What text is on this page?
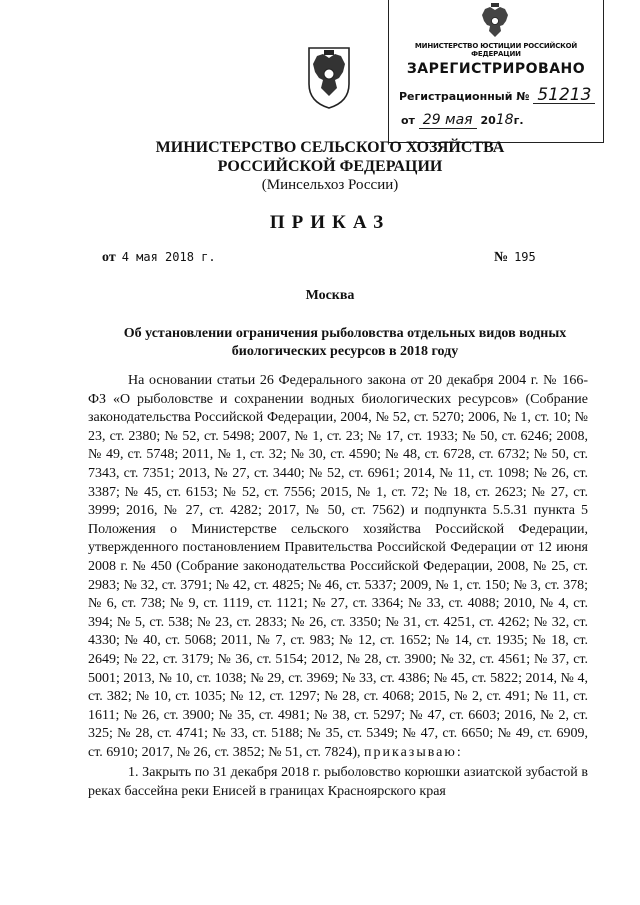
МИНИСТЕРСТВО ЮСТИЦИИ РОССИЙСКОЙ ФЕДЕРАЦИИ
ЗАРЕГИСТРИРОВАНО
Регистрационный № 51213
от 29 мая 2018г.
МИНИСТЕРСТВО СЕЛЬСКОГО ХОЗЯЙСТВА
РОССИЙСКОЙ ФЕДЕРАЦИИ
(Минсельхоз России)
ПРИКАЗ
от 4 мая 2018 г.	№ 195
Москва
Об установлении ограничения рыболовства отдельных видов водных
биологических ресурсов в 2018 году

На основании статьи 26 Федерального закона от 20 декабря 2004 г. № 166-ФЗ «О рыболовстве и сохранении водных биологических ресурсов» (Собрание законодательства Российской Федерации, 2004, № 52, ст. 5270; 2006, № 1, ст. 10; № 23, ст. 2380; № 52, ст. 5498; 2007, № 1, ст. 23; № 17, ст. 1933; № 50, ст. 6246; 2008, № 49, ст. 5748; 2011, № 1, ст. 32; № 30, ст. 4590; № 48, ст. 6728, ст. 6732; № 50, ст. 7343, ст. 7351; 2013, № 27, ст. 3440; № 52, ст. 6961; 2014, № 11, ст. 1098; № 26, ст. 3387; № 45, ст. 6153; № 52, ст. 7556; 2015, № 1, ст. 72; № 18, ст. 2623; № 27, ст. 3999; 2016, № 27, ст. 4282; 2017, № 50, ст. 7562) и подпункта 5.5.31 пункта 5 Положения о Министерстве сельского хозяйства Российской Федерации, утвержденного постановлением Правительства Российской Федерации от 12 июня 2008 г. № 450 (Собрание законодательства Российской Федерации, 2008, № 25, ст. 2983; № 32, ст. 3791; № 42, ст. 4825; № 46, ст. 5337; 2009, № 1, ст. 150; № 3, ст. 378; № 6, ст. 738; № 9, ст. 1119, ст. 1121; № 27, ст. 3364; № 33, ст. 4088; 2010, № 4, ст. 394; № 5, ст. 538; № 23, ст. 2833; № 26, ст. 3350; № 31, ст. 4251, ст. 4262; № 32, ст. 4330; № 40, ст. 5068; 2011, № 7, ст. 983; № 12, ст. 1652; № 14, ст. 1935; № 18, ст. 2649; № 22, ст. 3179; № 36, ст. 5154; 2012, № 28, ст. 3900; № 32, ст. 4561; № 37, ст. 5001; 2013, № 10, ст. 1038; № 29, ст. 3969; № 33, ст. 4386; № 45, ст. 5822; 2014, № 4, ст. 382; № 10, ст. 1035; № 12, ст. 1297; № 28, ст. 4068; 2015, № 2, ст. 491; № 11, ст. 1611; № 26, ст. 3900; № 35, ст. 4981; № 38, ст. 5297; № 47, ст. 6603; 2016, № 2, ст. 325; № 28, ст. 4741; № 33, ст. 5188; № 35, ст. 5349; № 47, ст. 6650; № 49, ст. 6909, ст. 6910; 2017, № 26, ст. 3852; № 51, ст. 7824), приказываю:

1. Закрыть по 31 декабря 2018 г. рыболовство корюшки азиатской зубастой в реках бассейна реки Енисей в границах Красноярского края
